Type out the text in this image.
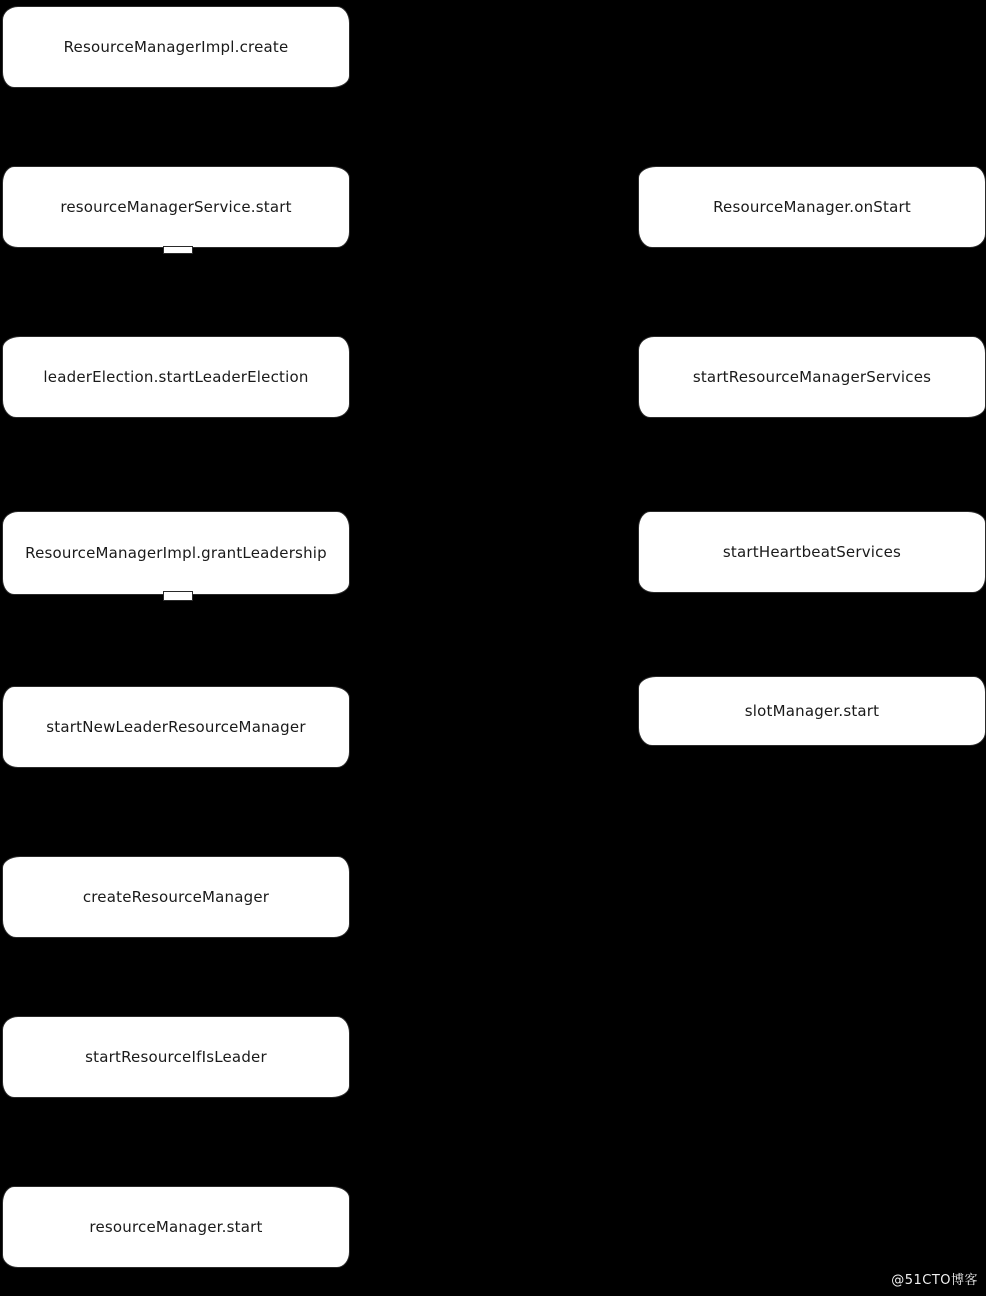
ResourceManagerImpl.create
resourceManagerService.start
leaderElection.startLeaderElection
ResourceManagerImpl.grantLeadership
startNewLeaderResourceManager
createResourceManager
startResourceIfIsLeader
resourceManager.start
ResourceManager.onStart
startResourceManagerServices
startHeartbeatServices
slotManager.start
@51CTO博客
